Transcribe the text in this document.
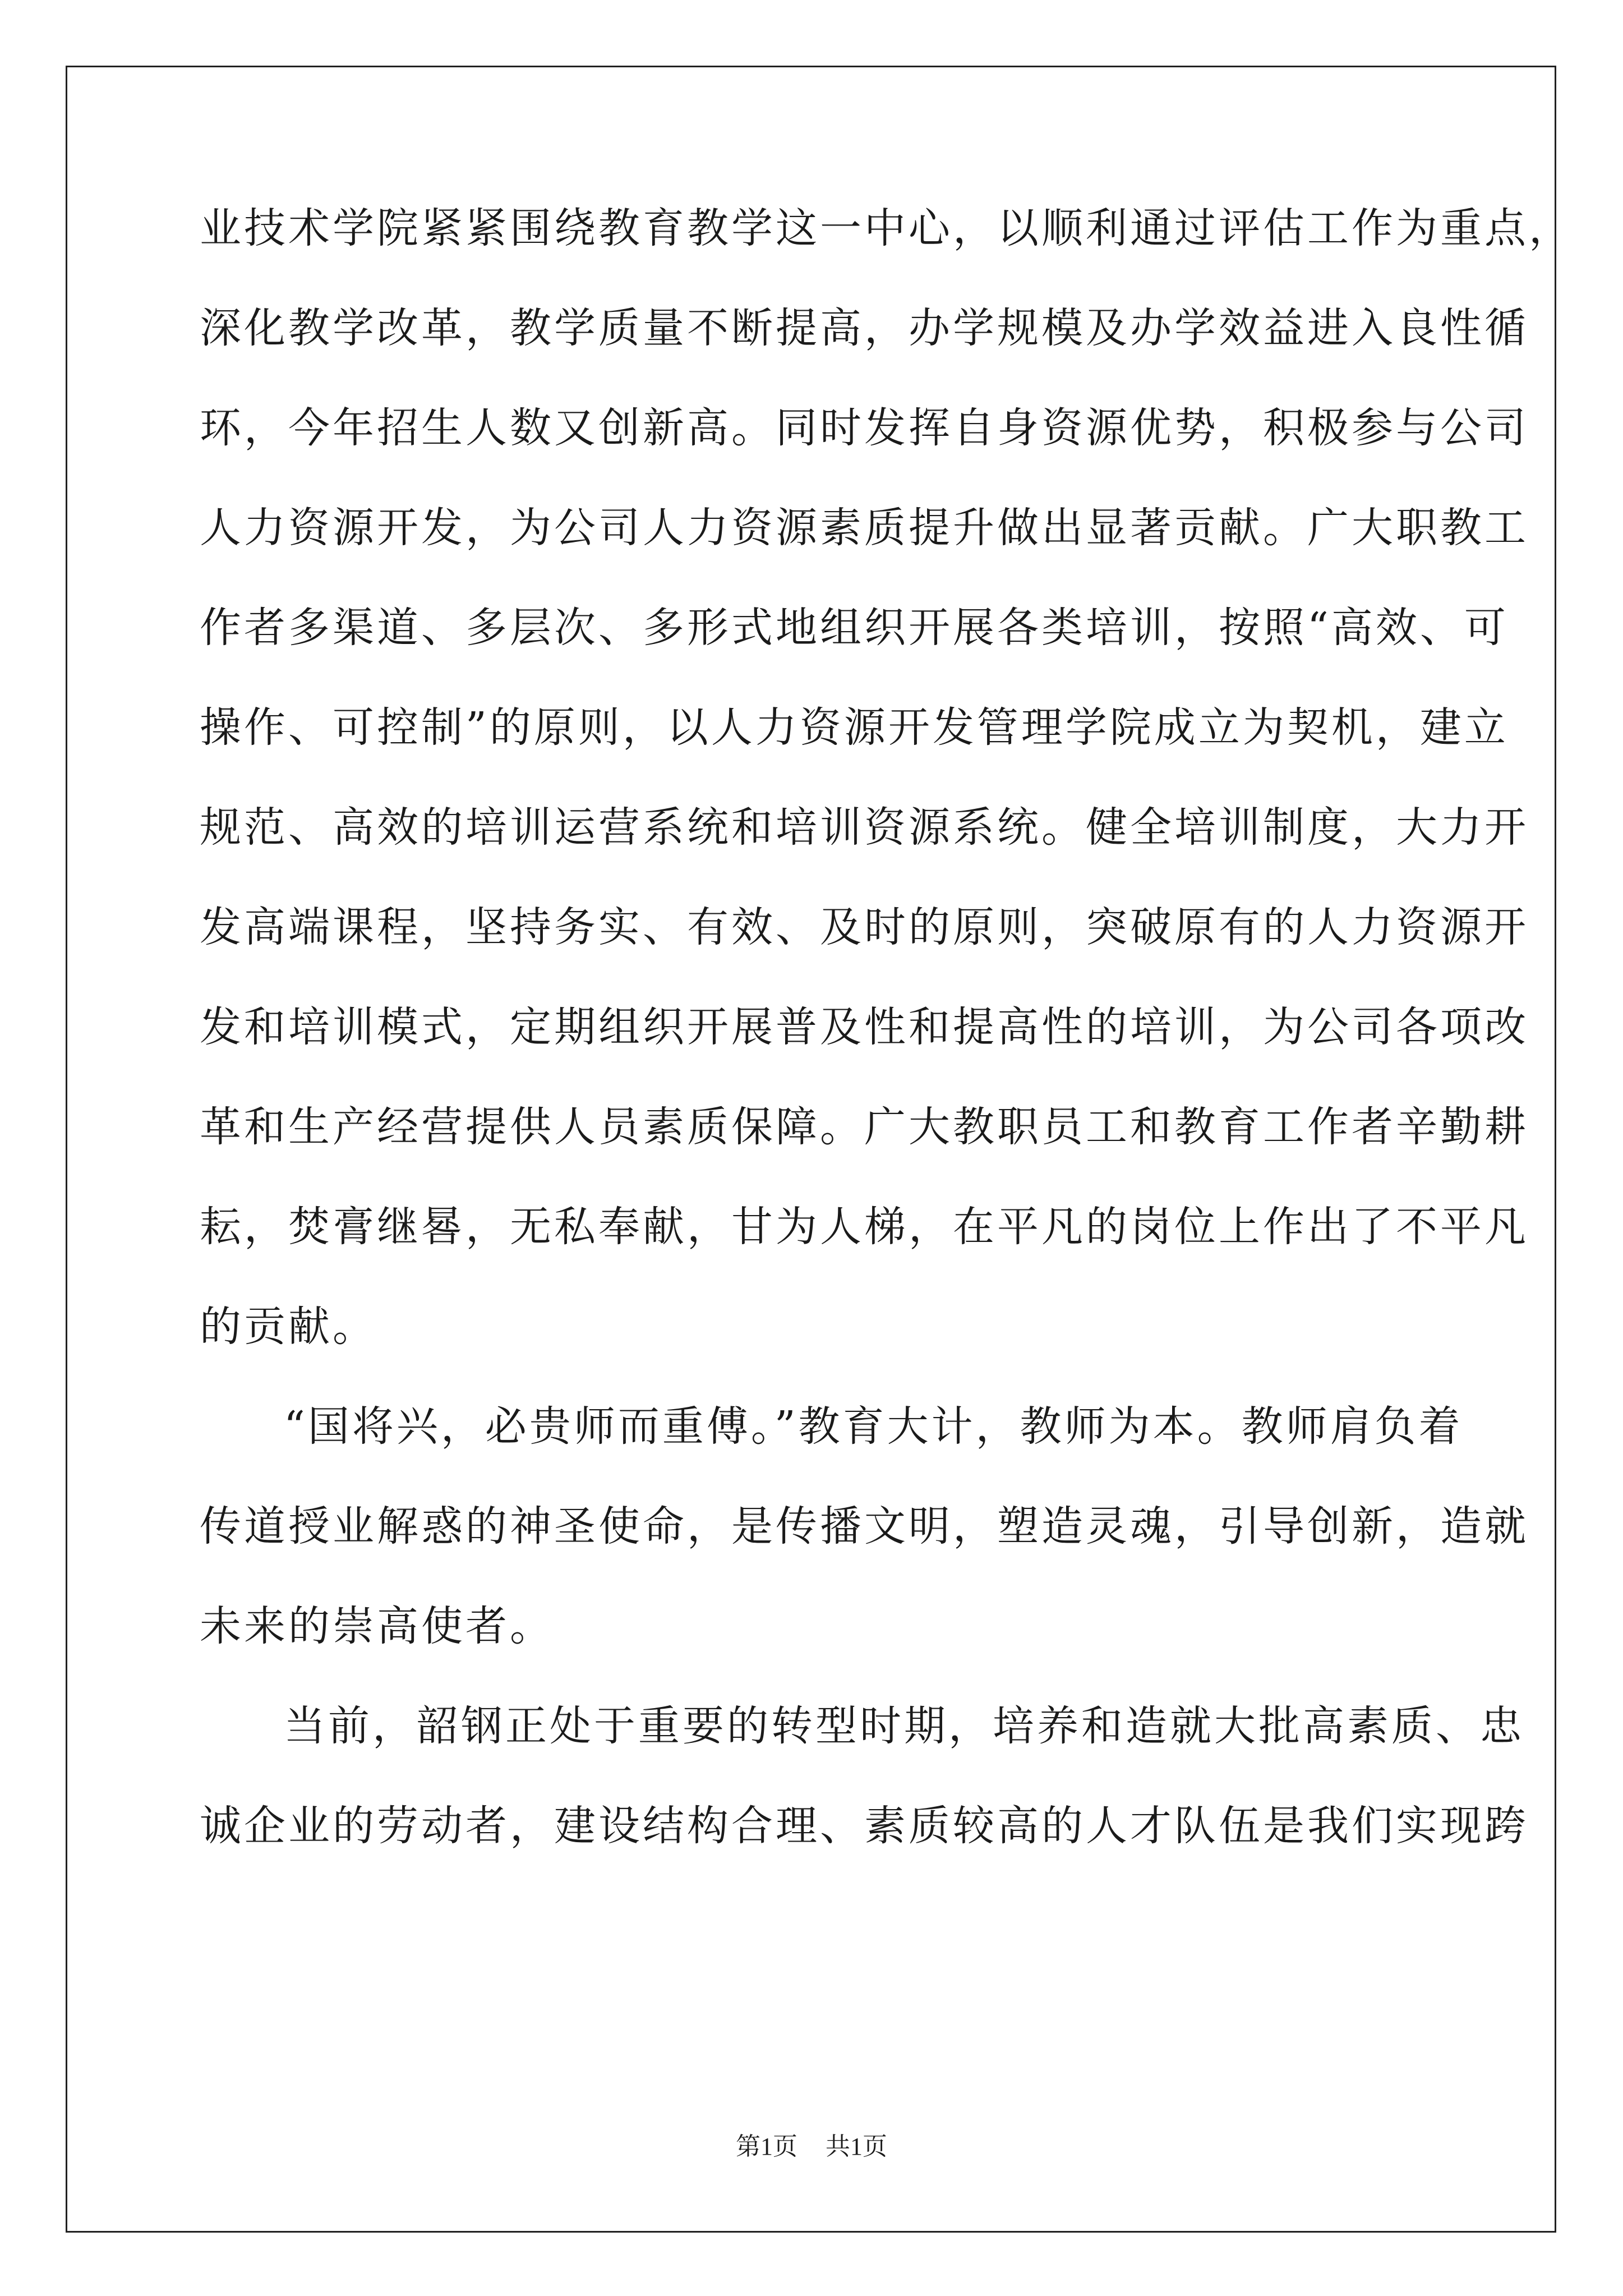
业技术学院紧紧围绕教育教学这一中心，以顺利通过评估工作为重点，
深化教学改革，教学质量不断提高，办学规模及办学效益进入良性循
环，今年招生人数又创新高。同时发挥自身资源优势，积极参与公司
人力资源开发，为公司人力资源素质提升做出显著贡献。广大职教工
作者多渠道、多层次、多形式地组织开展各类培训，按照“高效、可
操作、可控制”的原则，以人力资源开发管理学院成立为契机，建立
规范、高效的培训运营系统和培训资源系统。健全培训制度，大力开
发高端课程，坚持务实、有效、及时的原则，突破原有的人力资源开
发和培训模式，定期组织开展普及性和提高性的培训，为公司各项改
革和生产经营提供人员素质保障。广大教职员工和教育工作者辛勤耕
耘，焚膏继晷，无私奉献，甘为人梯，在平凡的岗位上作出了不平凡
的贡献。
“国将兴，必贵师而重傅。”教育大计，教师为本。教师肩负着
传道授业解惑的神圣使命，是传播文明，塑造灵魂，引导创新，造就
未来的崇高使者。
当前，韶钢正处于重要的转型时期，培养和造就大批高素质、忠
诚企业的劳动者，建设结构合理、素质较高的人才队伍是我们实现跨
第1页 共1页
